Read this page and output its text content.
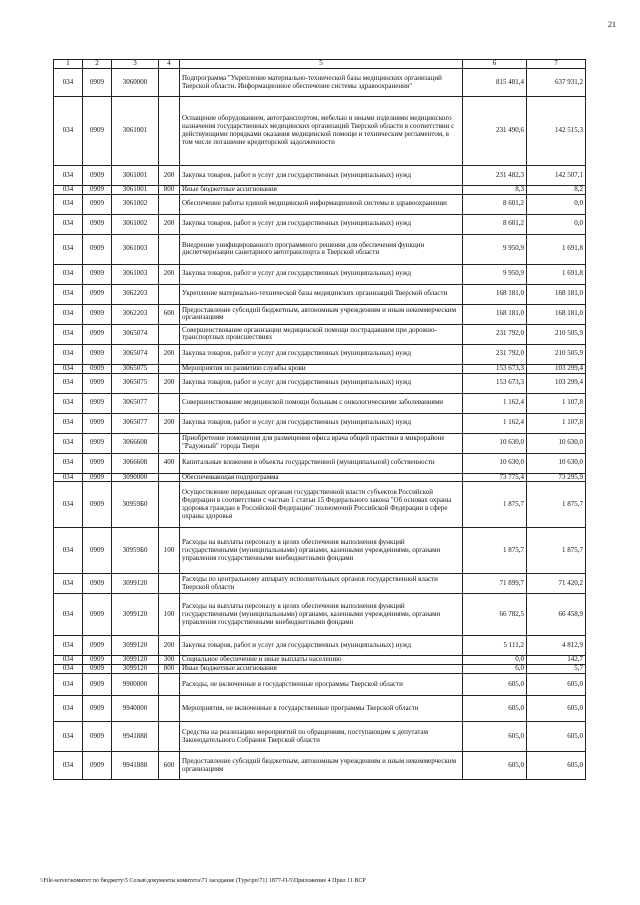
21
1	2	3	4	5	6	7
034	0909	3060000		Подпрограмма "Укрепление материально-технической базы медицинских организаций Тверской области. Информационное обеспечение системы здравоохранения"	815 481,4	637 931,2
034	0909	3061001		Оснащение оборудованием, автотранспортом, мебелью и иными изделиями медицинского назначения государственных медицинских организаций Тверской области в соответствии с действующими порядками оказания медицинской помощи и техническим регламентом, в том числе погашение кредиторской задолженности	231 490,6	142 515,3
034	0909	3061001	200	Закупка товаров, работ и услуг для государственных (муниципальных) нужд	231 482,3	142 507,1
034	0909	3061001	800	Иные бюджетные ассигнования	8,3	8,2
034	0909	3061002		Обеспечение работы единой медицинской информационной системы в здравоохранении	8 601,2	0,0
034	0909	3061002	200	Закупка товаров, работ и услуг для государственных (муниципальных) нужд	8 601,2	0,0
034	0909	3061003		Внедрение унифицированного программного решения для обеспечения функции диспетчеризации санитарного автотранспорта в Тверской области	9 950,9	1 691,8
034	0909	3061003	200	Закупка товаров, работ и услуг для государственных (муниципальных) нужд	9 950,9	1 691,8
034	0909	3062203		Укрепление материально-технической базы медицинских организаций Тверской области	168 181,0	168 181,0
034	0909	3062203	600	Предоставление субсидий бюджетным, автономным учреждениям и иным некоммерческим организациям	168 181,0	168 181,0
034	0909	3065074		Совершенствование организации медицинской помощи пострадавшим при дорожно-транспортных происшествиях	231 792,0	210 505,9
034	0909	3065074	200	Закупка товаров, работ и услуг для государственных (муниципальных) нужд	231 792,0	210 505,9
034	0909	3065075		Мероприятия по развитию службы крови	153 673,3	103 299,4
034	0909	3065075	200	Закупка товаров, работ и услуг для государственных (муниципальных) нужд	153 673,3	103 299,4
034	0909	3065077		Совершенствование медицинской помощи больным с онкологическими заболеваниями	1 162,4	1 107,8
034	0909	3065077	200	Закупка товаров, работ и услуг для государственных (муниципальных) нужд	1 162,4	1 107,8
034	0909	3066608		Приобретение помещения для размещения офиса врача общей практики в микрорайоне "Радужный" города Твери	10 630,0	10 630,0
034	0909	3066608	400	Капитальные вложения в объекты государственной (муниципальной) собственности	10 630,0	10 630,0
034	0909	3090000		Обеспечивающая подпрограмма	73 775,4	73 295,9
034	0909	30959Б0		Осуществление переданных органам государственной власти субъектов Российской Федерации в соответствии с частью 1 статьи 15 Федерального закона "Об основах охраны здоровья граждан в Российской Федерации" полномочий Российской Федерации в сфере охраны здоровья	1 875,7	1 875,7
034	0909	30959Б0	100	Расходы на выплаты персоналу в целях обеспечения выполнения функций государственными (муниципальными) органами, казенными учреждениями, органами управления государственными внебюджетными фондами	1 875,7	1 875,7
034	0909	3099120		Расходы по центральному аппарату исполнительных органов государственной власти Тверской области	71 899,7	71 420,2
034	0909	3099120	100	Расходы на выплаты персоналу в целях обеспечения выполнения функций государственными (муниципальными) органами, казенными учреждениями, органами управления государственными внебюджетными фондами	66 782,5	66 458,9
034	0909	3099120	200	Закупка товаров, работ и услуг для государственных (муниципальных) нужд	5 111,2	4 812,9
034	0909	3099120	300	Социальное обеспечение и иные выплаты населению	0,0	142,7
034	0909	3099120	800	Иные бюджетные ассигнования	6,0	5,7
034	0909	9900000		Расходы, не включенные в государственные программы Тверской области	605,0	605,0
034	0909	9940000		Мероприятия, не включенные в государственные программы Тверской области	605,0	605,0
034	0909	9941888		Средства на реализацию мероприятий по обращениям, поступающим к депутатам Законодательного Собрания Тверской области	605,0	605,0
034	0909	9941888	600	Предоставление субсидий бюджетным, автономным учреждениям и иным некоммерческим организациям	605,0	605,0
\\File-server\комитет по бюджету\5 Созыв\документы комитета\71 заседание (Туре\рп\71) 1877-П-5\Приложение 4 Прил 11 ВСР
